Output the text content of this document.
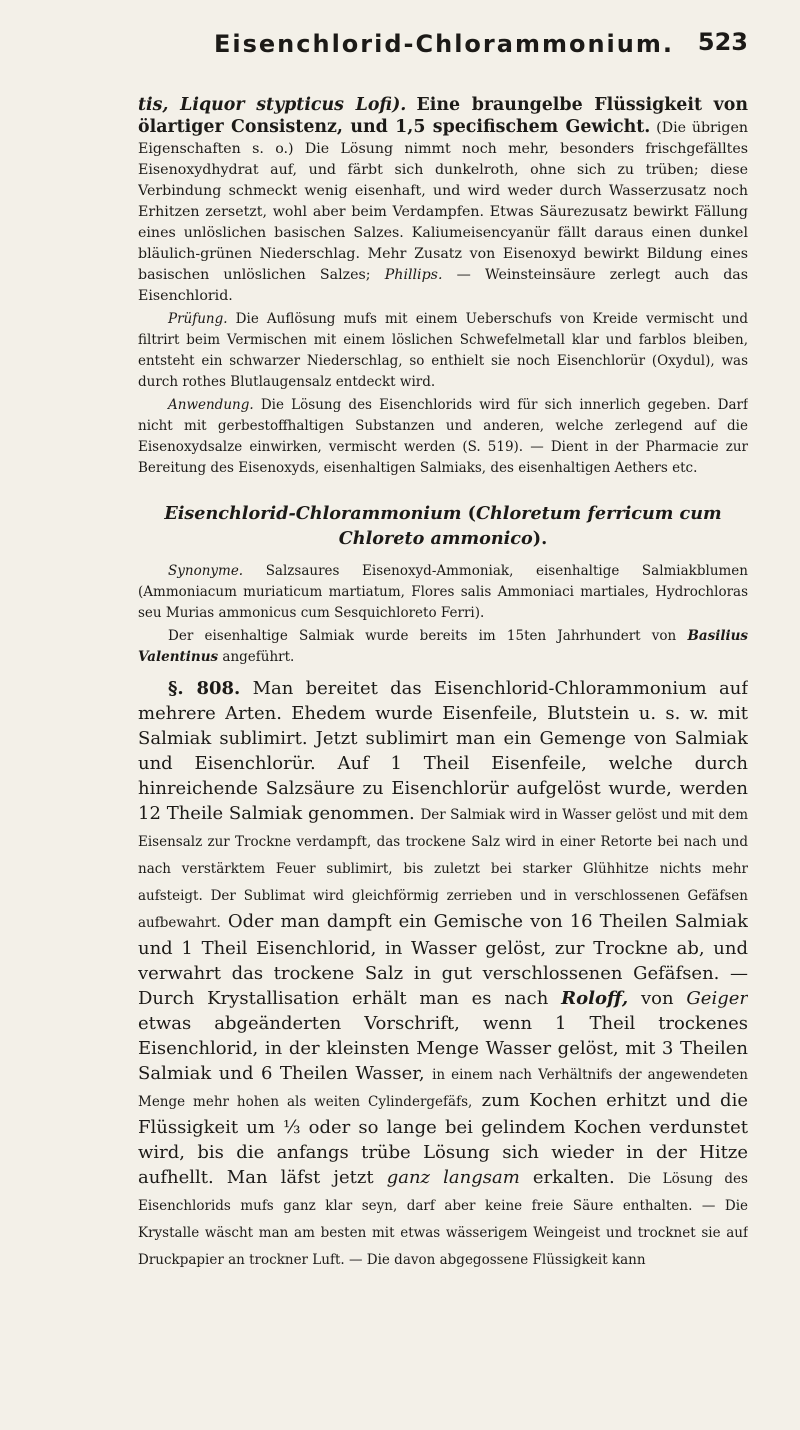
Eisenchlorid-Chlorammonium. 523

tis, Liquor stypticus Lofi). Eine braungelbe Flüssigkeit von ölartiger Consistenz, und 1,5 specifischem Gewicht. (Die übrigen Eigenschaften s. o.) Die Lösung nimmt noch mehr, besonders frischgefälltes Eisenoxydhydrat auf, und färbt sich dunkelroth, ohne sich zu trüben; diese Verbindung schmeckt wenig eisenhaft, und wird weder durch Wasserzusatz noch Erhitzen zersetzt, wohl aber beim Verdampfen. Etwas Säurezusatz bewirkt Fällung eines unlöslichen basischen Salzes. Kaliumeisencyanür fällt daraus einen dunkel bläulich-grünen Niederschlag. Mehr Zusatz von Eisenoxyd bewirkt Bildung eines basischen unlöslichen Salzes; Phillips. — Weinsteinsäure zerlegt auch das Eisenchlorid.

Prüfung. Die Auflösung mufs mit einem Ueberschufs von Kreide vermischt und filtrirt beim Vermischen mit einem löslichen Schwefelmetall klar und farblos bleiben, entsteht ein schwarzer Niederschlag, so enthielt sie noch Eisenchlorür (Oxydul), was durch rothes Blutlaugensalz entdeckt wird.

Anwendung. Die Lösung des Eisenchlorids wird für sich innerlich gegeben. Darf nicht mit gerbestoffhaltigen Substanzen und anderen, welche zerlegend auf die Eisenoxydsalze einwirken, vermischt werden (S. 519). — Dient in der Pharmacie zur Bereitung des Eisenoxyds, eisenhaltigen Salmiaks, des eisenhaltigen Aethers etc.

Eisenchlorid-Chlorammonium (Chloretum ferricum cum Chloreto ammonico).

Synonyme. Salzsaures Eisenoxyd-Ammoniak, eisenhaltige Salmiakblumen (Ammoniacum muriaticum martiatum, Flores salis Ammoniaci martiales, Hydrochloras seu Murias ammonicus cum Sesquichloreto Ferri).

Der eisenhaltige Salmiak wurde bereits im 15ten Jahrhundert von Basilius Valentinus angeführt.

§. 808. Man bereitet das Eisenchlorid-Chlorammonium auf mehrere Arten. Ehedem wurde Eisenfeile, Blutstein u. s. w. mit Salmiak sublimirt. Jetzt sublimirt man ein Gemenge von Salmiak und Eisenchlorür. Auf 1 Theil Eisenfeile, welche durch hinreichende Salzsäure zu Eisenchlorür aufgelöst wurde, werden 12 Theile Salmiak genommen. Der Salmiak wird in Wasser gelöst und mit dem Eisensalz zur Trockne verdampft, das trockene Salz wird in einer Retorte bei nach und nach verstärktem Feuer sublimirt, bis zuletzt bei starker Glühhitze nichts mehr aufsteigt. Der Sublimat wird gleichförmig zerrieben und in verschlossenen Gefäfsen aufbewahrt. Oder man dampft ein Gemische von 16 Theilen Salmiak und 1 Theil Eisenchlorid, in Wasser gelöst, zur Trockne ab, und verwahrt das trockene Salz in gut verschlossenen Gefäfsen. — Durch Krystallisation erhält man es nach Roloff, von Geiger etwas abgeänderten Vorschrift, wenn 1 Theil trockenes Eisenchlorid, in der kleinsten Menge Wasser gelöst, mit 3 Theilen Salmiak und 6 Theilen Wasser, in einem nach Verhältnifs der angewendeten Menge mehr hohen als weiten Cylindergefäfs, zum Kochen erhitzt und die Flüssigkeit um ⅓ oder so lange bei gelindem Kochen verdunstet wird, bis die anfangs trübe Lösung sich wieder in der Hitze aufhellt. Man läfst jetzt ganz langsam erkalten. Die Lösung des Eisenchlorids mufs ganz klar seyn, darf aber keine freie Säure enthalten. — Die Krystalle wäscht man am besten mit etwas wässerigem Weingeist und trocknet sie auf Druckpapier an trockner Luft. — Die davon abgegossene Flüssigkeit kann
